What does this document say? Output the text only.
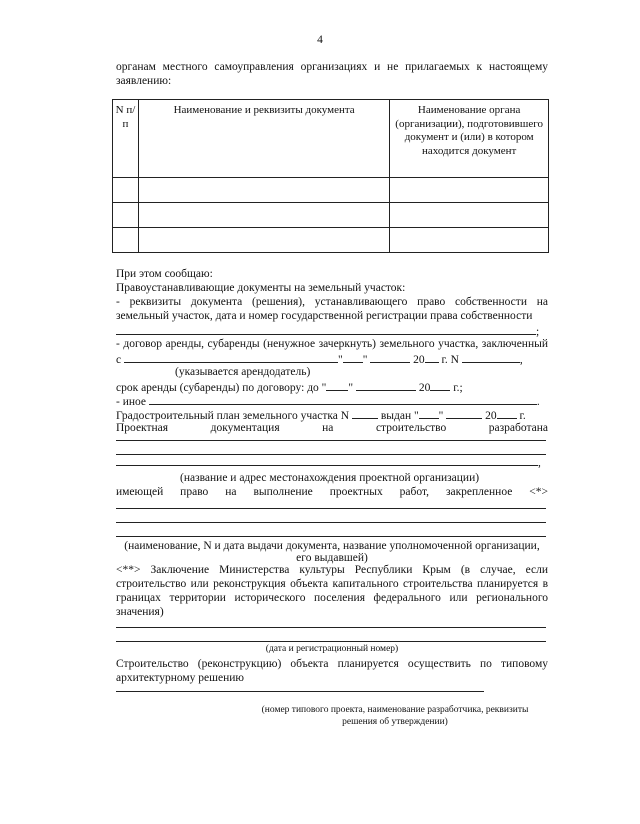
4
органам местного самоуправления организациях и не прилагаемых к настоящему
заявлению:
N п/п	Наименование и реквизиты документа	Наименование органа (организации), подготовившего документ и (или) в котором находится документ

При этом сообщаю:
Правоустанавливающие документы на земельный участок:
- реквизиты документа (решения), устанавливающего право собственности на
земельный участок, дата и номер государственной регистрации права собственности
;
- договор аренды, субаренды (ненужное зачеркнуть) земельного участка, заключенный
с	" "	20 г. N	,
(указывается арендодатель)
срок аренды (субаренды) по договору: до " "	20 г.;
- иное	.
Градостроительный план земельного участка N	выдан " "	20 г.
Проектная документация на строительство разработана
,
(название и адрес местонахождения проектной организации)
имеющей право на выполнение проектных работ, закрепленное <*>
(наименование, N и дата выдачи документа, название уполномоченной организации,
его выдавшей)
<**> Заключение Министерства культуры Республики Крым (в случае, если
строительство или реконструкция объекта капитального строительства планируется в
границах территории исторического поселения федерального или регионального
значения)
(дата и регистрационный номер)
Строительство (реконструкцию) объекта планируется осуществить по типовому
архитектурному решению
(номер типового проекта, наименование разработчика, реквизиты
решения об утверждении)
